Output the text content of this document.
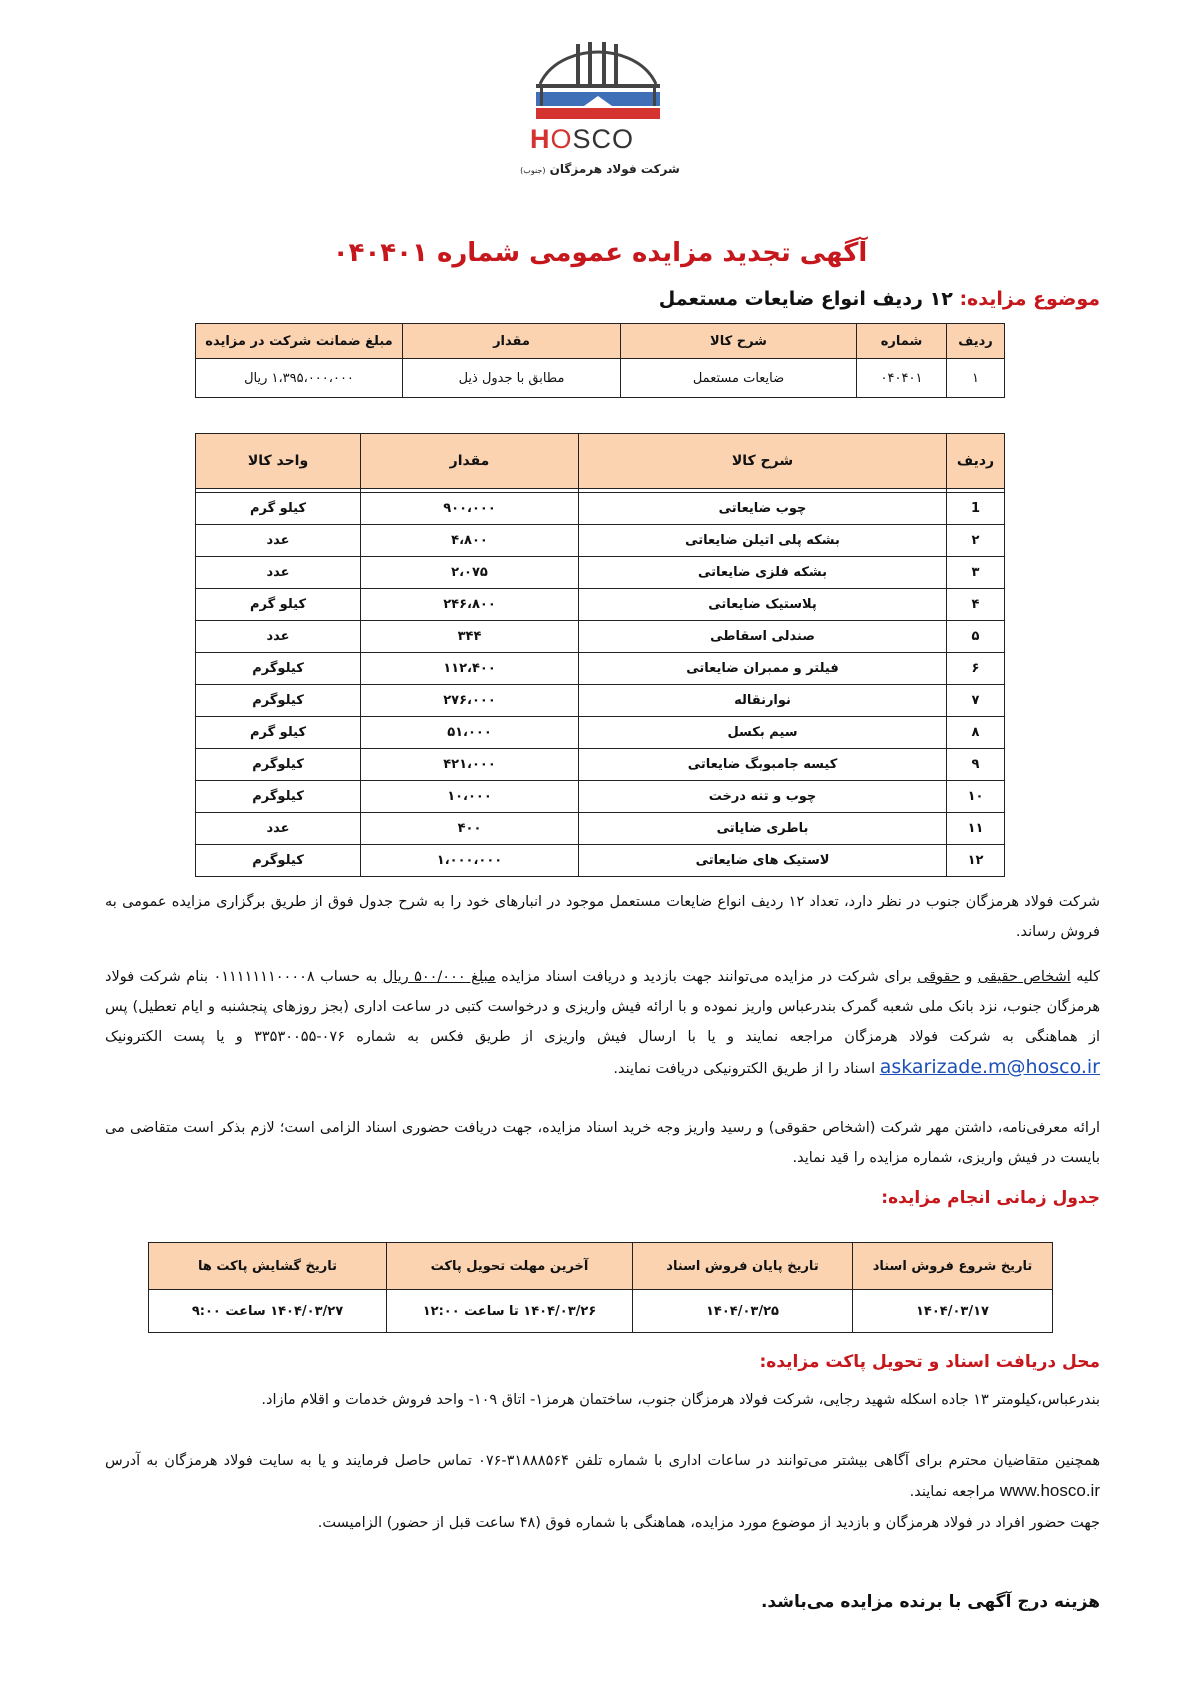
HOSCO
شرکت فولاد هرمزگان (جنوب)
آگهی تجدید مزایده عمومی شماره ۰۴۰۴۰۱
موضوع مزایده: ۱۲ ردیف انواع ضایعات مستعمل
ردیف	شماره	شرح کالا	مقدار	مبلغ ضمانت شرکت در مزایده
۱	۰۴۰۴۰۱	ضایعات مستعمل	مطابق با جدول ذیل	۱،۳۹۵،۰۰۰،۰۰۰ ریال
ردیف	شرح کالا	مقدار	واحد کالا

1	چوب ضایعاتی	۹۰۰،۰۰۰	کیلو گرم
۲	بشکه پلی اتیلن ضایعاتی	۴،۸۰۰	عدد
۳	بشکه فلزی ضایعاتی	۲،۰۷۵	عدد
۴	پلاستیک ضایعاتی	۲۴۶،۸۰۰	کیلو گرم
۵	صندلی اسقاطی	۳۴۴	عدد
۶	فیلتر و ممبران ضایعاتی	۱۱۲،۴۰۰	کیلوگرم
۷	نوارنقاله	۲۷۶،۰۰۰	کیلوگرم
۸	سیم بکسل	۵۱،۰۰۰	کیلو گرم
۹	کیسه جامبوبگ ضایعاتی	۴۲۱،۰۰۰	کیلوگرم
۱۰	چوب و تنه درخت	۱۰،۰۰۰	کیلوگرم
۱۱	باطری ضایاتی	۴۰۰	عدد
۱۲	لاستیک های ضایعاتی	۱،۰۰۰،۰۰۰	کیلوگرم
شرکت فولاد هرمزگان جنوب در نظر دارد، تعداد ۱۲ ردیف انواع ضایعات مستعمل موجود در انبارهای خود را به شرح جدول فوق از طریق برگزاری مزایده عمومی به فروش رساند.
کلیه اشخاص حقیقی و حقوقی برای شرکت در مزایده می‌توانند جهت بازدید و دریافت اسناد مزایده مبلغ ۵۰۰/۰۰۰ ریال به حساب ۰۱۱۱۱۱۱۱۰۰۰۰۸ بنام شرکت فولاد هرمزگان جنوب، نزد بانک ملی شعبه گمرک بندرعباس واریز نموده و با ارائه فیش واریزی و درخواست کتبی در ساعت اداری (بجز روزهای پنجشنبه و ایام تعطیل) پس از هماهنگی به شرکت فولاد هرمزگان مراجعه نمایند و یا با ارسال فیش واریزی از طریق فکس به شماره ۰۷۶-۳۳۵۳۰۰۵۵ و یا پست الکترونیک askarizade.m@hosco.ir اسناد را از طریق الکترونیکی دریافت نمایند.
ارائه معرفی‌نامه، داشتن مهر شرکت (اشخاص حقوقی) و رسید واریز وجه خرید اسناد مزایده، جهت دریافت حضوری اسناد الزامی است؛ لازم بذکر است متقاضی می بایست در فیش واریزی، شماره مزایده را قید نماید.
جدول زمانی انجام مزایده:
تاریخ شروع فروش اسناد	تاریخ پایان فروش اسناد	آخرین مهلت تحویل پاکت	تاریخ گشایش پاکت ها
۱۴۰۴/۰۳/۱۷	۱۴۰۴/۰۳/۲۵	۱۴۰۴/۰۳/۲۶ تا ساعت ۱۲:۰۰	۱۴۰۴/۰۳/۲۷ ساعت ۹:۰۰
محل دریافت اسناد و تحویل پاکت مزایده:
بندرعباس،کیلومتر ۱۳ جاده اسکله شهید رجایی، شرکت فولاد هرمزگان جنوب، ساختمان هرمز۱- اتاق ۱۰۹- واحد فروش خدمات و اقلام مازاد.
همچنین متقاضیان محترم برای آگاهی بیشتر می‌توانند در ساعات اداری با شماره تلفن ۳۱۸۸۸۵۶۴-۰۷۶ تماس حاصل فرمایند و یا به سایت فولاد هرمزگان به آدرس www.hosco.ir مراجعه نمایند.
جهت حضور افراد در فولاد هرمزگان و بازدید از موضوع مورد مزایده، هماهنگی با شماره فوق (۴۸ ساعت قبل از حضور) الزامیست.
هزینه درج آگهی با برنده مزایده می‌باشد.
